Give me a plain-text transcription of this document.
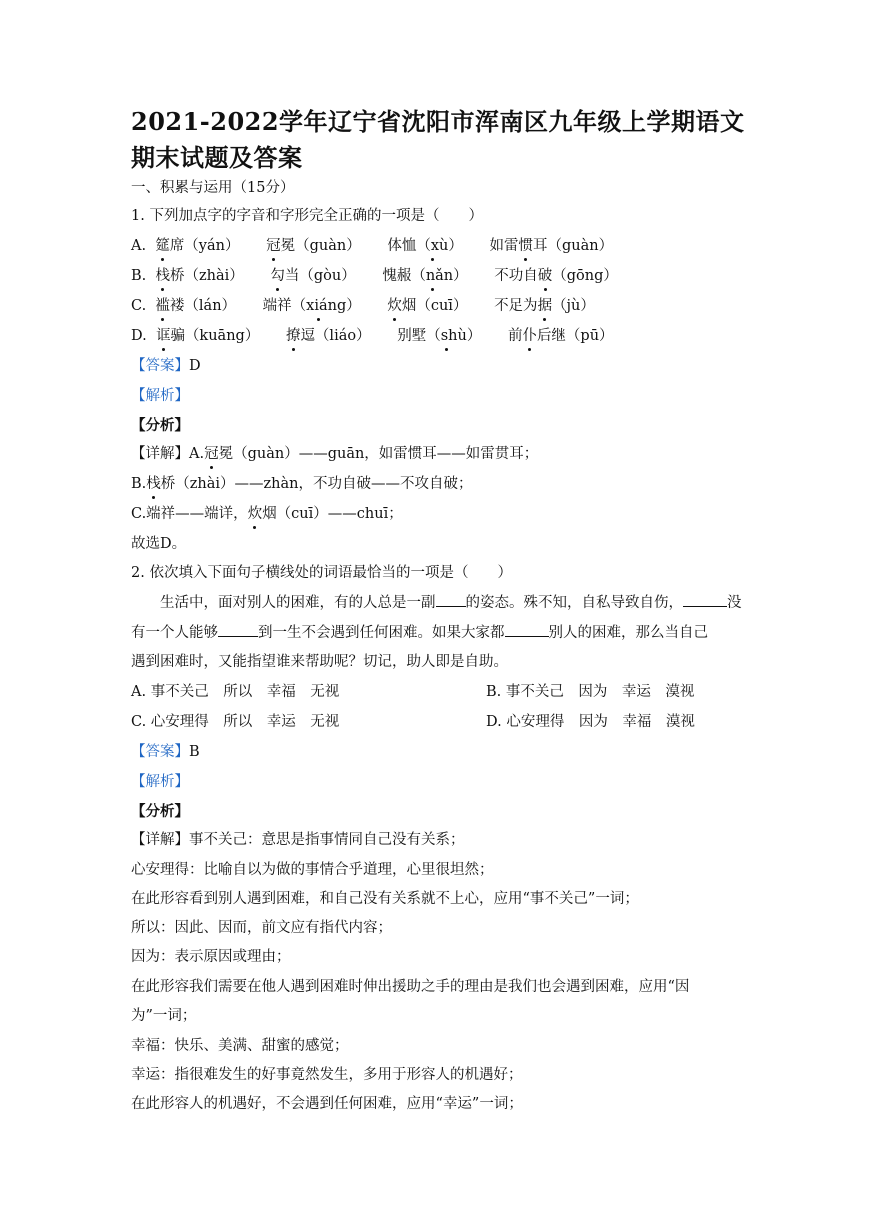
2021-2022学年辽宁省沈阳市浑南区九年级上学期语文期末试题及答案
一、积累与运用（15分）
1. 下列加点字的字音和字形完全正确的一项是（　　）
A. 筵席（yán） 冠冕（guàn） 体恤（xù） 如雷惯耳（guàn）
B. 栈桥（zhài） 勾当（gòu） 愧赧（nǎn） 不功自破（gōng）
C. 褴褛（lán） 端祥（xiáng） 炊烟（cuī） 不足为据（jù）
D. 诓骗（kuāng） 撩逗（liáo） 别墅（shù） 前仆后继（pū）
【答案】D
【解析】
【分析】
【详解】A.冠冕（guàn）——guān，如雷惯耳——如雷贯耳；
B.栈桥（zhài）——zhàn，不功自破——不攻自破；
C.端祥——端详，炊烟（cuī）——chuī；
故选D。
2. 依次填入下面句子横线处的词语最恰当的一项是（　　）
生活中，面对别人的困难，有的人总是一副 的姿态。殊不知，自私导致自伤，	没
有一个人能够	到一生不会遇到任何困难。如果大家都	别人的困难，那么当自己
遇到困难时，又能指望谁来帮助呢？切记，助人即是自助。
A. 事不关己　所以　幸福　无视	B. 事不关己　因为　幸运　漠视
C. 心安理得　所以　幸运　无视	D. 心安理得　因为　幸福　漠视
【答案】B
【解析】
【分析】
【详解】事不关己：意思是指事情同自己没有关系；
心安理得：比喻自以为做的事情合乎道理，心里很坦然；
在此形容看到别人遇到困难，和自己没有关系就不上心，应用“事不关己”一词；
所以：因此、因而，前文应有指代内容；
因为：表示原因或理由；
在此形容我们需要在他人遇到困难时伸出援助之手的理由是我们也会遇到困难，应用“因
为”一词；
幸福：快乐、美满、甜蜜的感觉；
幸运：指很难发生的好事竟然发生，多用于形容人的机遇好；
在此形容人的机遇好，不会遇到任何困难，应用“幸运”一词；
